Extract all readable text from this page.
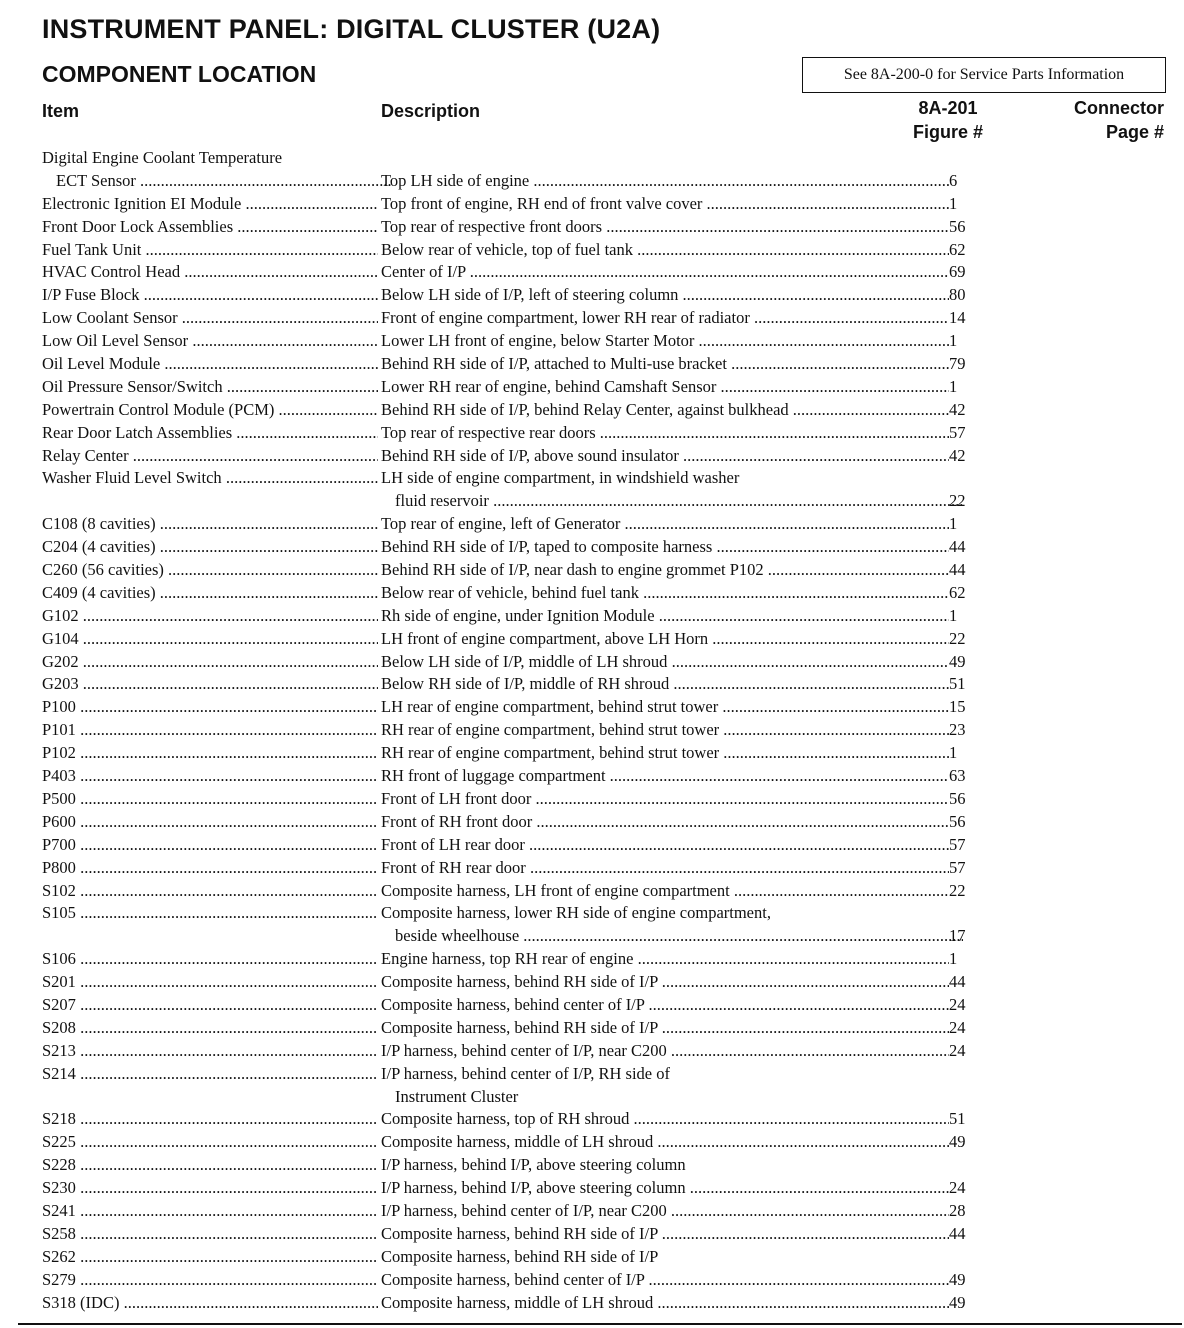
INSTRUMENT PANEL: DIGITAL CLUSTER (U2A)
COMPONENT LOCATION	See 8A-200-0 for Service Parts Information
Item	Description	8A-201
Figure #
Connector
Page #
Digital Engine Coolant Temperature
ECT Sensor .....	Top LH side of engine .....	6
Electronic Ignition EI Module .....	Top front of engine, RH end of front valve cover .....	1
Front Door Lock Assemblies .....	Top rear of respective front doors .....	56
Fuel Tank Unit .....	Below rear of vehicle, top of fuel tank .....	62
HVAC Control Head .....	Center of I/P .....	69
I/P Fuse Block .....	Below LH side of I/P, left of steering column .....	80
Low Coolant Sensor .....	Front of engine compartment, lower RH rear of radiator .....	14
Low Oil Level Sensor .....	Lower LH front of engine, below Starter Motor .....	1
Oil Level Module .....	Behind RH side of I/P, attached to Multi-use bracket .....	79
Oil Pressure Sensor/Switch .....	Lower RH rear of engine, behind Camshaft Sensor .....	1
Powertrain Control Module (PCM) .....	Behind RH side of I/P, behind Relay Center, against bulkhead .....	42
Rear Door Latch Assemblies .....	Top rear of respective rear doors .....	57
Relay Center .....	Behind RH side of I/P, above sound insulator .....	42
Washer Fluid Level Switch .....	LH side of engine compartment, in windshield washer
fluid reservoir .....	22
C108 (8 cavities) .....	Top rear of engine, left of Generator .....	1
C204 (4 cavities) .....	Behind RH side of I/P, taped to composite harness .....	44
C260 (56 cavities) .....	Behind RH side of I/P, near dash to engine grommet P102 .....	44
C409 (4 cavities) .....	Below rear of vehicle, behind fuel tank .....	62
G102 .....	Rh side of engine, under Ignition Module .....	1
G104 .....	LH front of engine compartment, above LH Horn .....	22
G202 .....	Below LH side of I/P, middle of LH shroud .....	49
G203 .....	Below RH side of I/P, middle of RH shroud .....	51
P100 .....	LH rear of engine compartment, behind strut tower .....	15
P101 .....	RH rear of engine compartment, behind strut tower .....	23
P102 .....	RH rear of engine compartment, behind strut tower .....	1
P403 .....	RH front of luggage compartment .....	63
P500 .....	Front of LH front door .....	56
P600 .....	Front of RH front door .....	56
P700 .....	Front of LH rear door .....	57
P800 .....	Front of RH rear door .....	57
S102 .....	Composite harness, LH front of engine compartment .....	22
S105 .....	Composite harness, lower RH side of engine compartment,
beside wheelhouse .....	17
S106 .....	Engine harness, top RH rear of engine .....	1
S201 .....	Composite harness, behind RH side of I/P .....	44
S207 .....	Composite harness, behind center of I/P .....	24
S208 .....	Composite harness, behind RH side of I/P .....	24
S213 .....	I/P harness, behind center of I/P, near C200 .....	24
S214 .....	I/P harness, behind center of I/P, RH side of
Instrument Cluster
S218 .....	Composite harness, top of RH shroud .....	51
S225 .....	Composite harness, middle of LH shroud .....	49
S228 .....	I/P harness, behind I/P, above steering column
S230 .....	I/P harness, behind I/P, above steering column .....	24
S241 .....	I/P harness, behind center of I/P, near C200 .....	28
S258 .....	Composite harness, behind RH side of I/P .....	44
S262 .....	Composite harness, behind RH side of I/P
S279 .....	Composite harness, behind center of I/P .....	49
S318 (IDC) .....	Composite harness, middle of LH shroud .....	49
